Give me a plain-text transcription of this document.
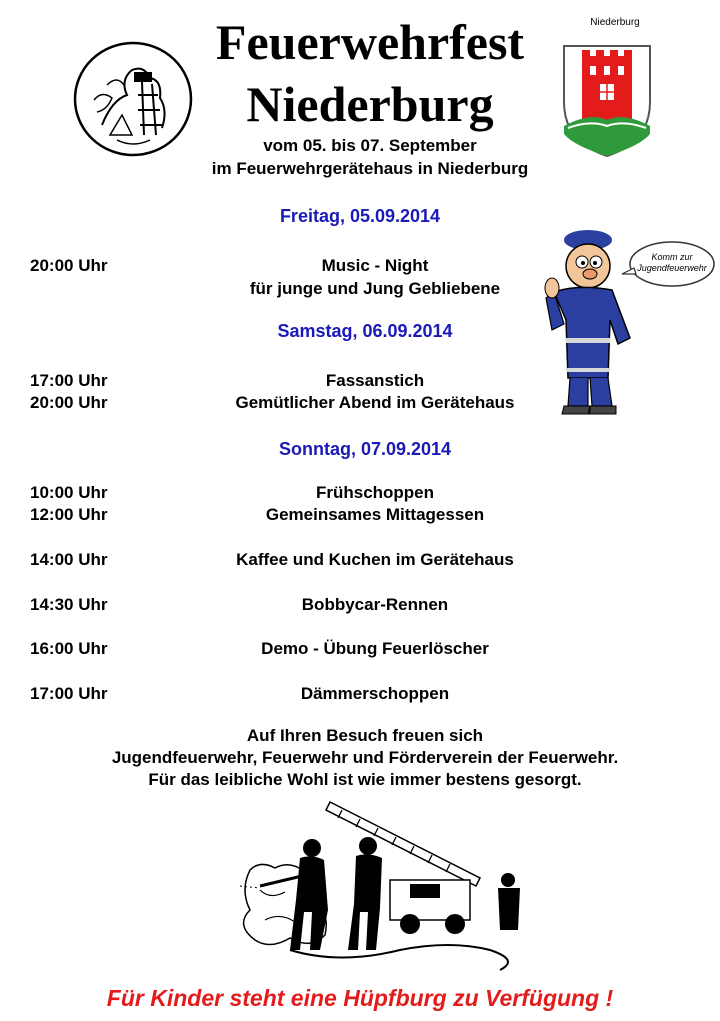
Feuerwehrfest
Niederburg
vom 05. bis 07. September
im Feuerwehrgerätehaus in Niederburg
Niederburg
Komm zur
Jugendfeuerwehr
Freitag, 05.09.2014
20:00 Uhr	Music - Night
für junge und Jung Gebliebene
Samstag, 06.09.2014
17:00 Uhr	Fassanstich
20:00 Uhr	Gemütlicher Abend im Gerätehaus
Sonntag, 07.09.2014
10:00 Uhr	Frühschoppen
12:00 Uhr	Gemeinsames Mittagessen
14:00 Uhr	Kaffee und Kuchen im Gerätehaus
14:30 Uhr	Bobbycar-Rennen
16:00 Uhr	Demo - Übung Feuerlöscher
17:00 Uhr	Dämmerschoppen
Auf Ihren Besuch freuen sich
Jugendfeuerwehr, Feuerwehr und Förderverein der Feuerwehr.
Für das leibliche Wohl ist wie immer bestens gesorgt.
Für Kinder steht eine Hüpfburg zu Verfügung !
